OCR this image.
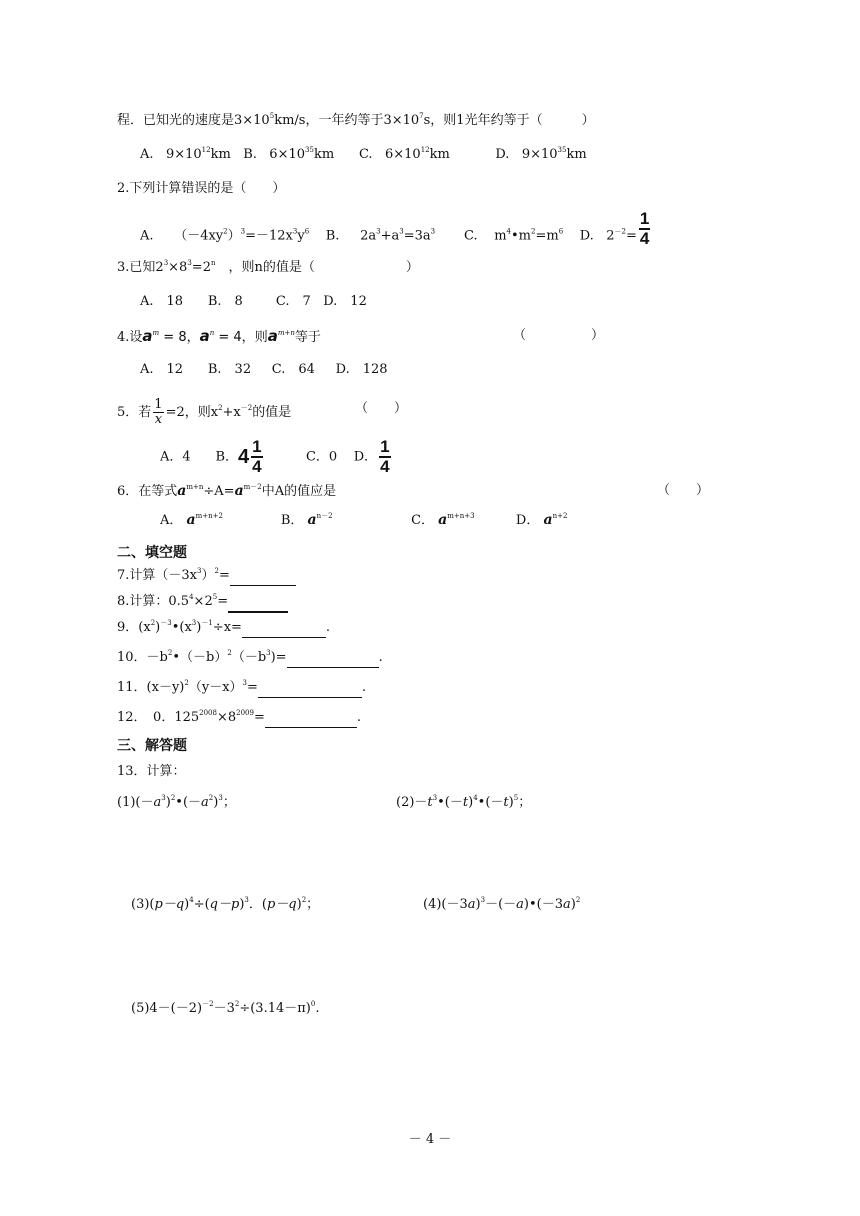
程．已知光的速度是$3\times 10^5km/s$，一年约等于$3\times 10^7s$，则1光年约等于（　　　）
A. $9\times 10^{12}km$ B. $6\times 10^{35}km$ C. $6\times 10^{12}km$	D. $9\times 10^{35}km$
2.下列计算错误的是（　　）
A. $(-4xy^2)^3=-12x^3y^6$ B. $2a^3+a^3=3a^3$ C. $m^4•m^2=m^6$ D. $2^{-2}= \frac{1}{4}$
3.已知$2^3\times 8^3=2^n$　，则n的值是（　　　　　　　）
A.　18 B.　8	C.　7 D.　12
4.设$a^m = 8$，$a^n = 4$，则$a^{m+n}$等于	（　　　　　）
A.　12 B.　32 C.　64 D.　128
5．若 $\frac{1}{x} =2$，则$x^2+x^{-2}$的值是	（　　）
A．4 B．$4 \frac{1}{4}$	C．0 D． $\frac{1}{4}$
6．在等式$a^{m+n}\div A=a^{m-2}$中A的值应是	（　　）
A． $a^{m+n+2}$	B． $a^{n-2}$	C． $a^{m+n+3}$	D． $a^{n+2}$
二、填空题
7.计算$(-3x^3)^2=$
8.计算：$0.5^4\times 2^5=$
9．$(x^2)^{-3}•(x^3)^{-1}\div x=$	.
10．$-b^2•(-b)^2(-b^3)=$	.
11．$(x-y)^2(y-x)^3=$	.
12．　0．$125^{2008}\times 8^{2009}=$	.
三、解答题
13．计算：
$(1)(-a^3)^2•(-a^2)^3$；	$(2)-t^3•(-t)^4•(-t)^5$；
$(3)(p-q)^4\div(q-p)^3$．$(p-q)^2$；	$(4)(-3a)^3-(-a)•(-3a)^2$
$(5)4-(-2)^{-2}-3^2\div(3.14-\pi)^0$.
－ 4 －
